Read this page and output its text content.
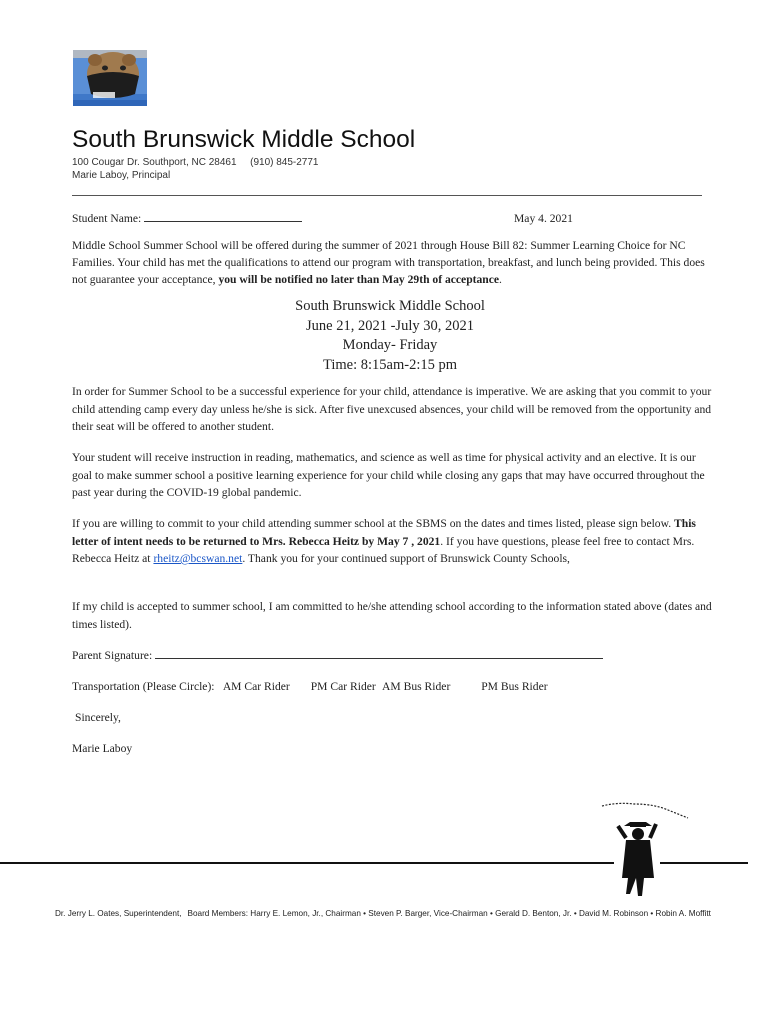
South Brunswick Middle School
100 Cougar Dr. Southport, NC 28461 (910) 845-2771
Marie Laboy, Principal
Student Name:	May 4. 2021
Middle School Summer School will be offered during the summer of 2021 through House Bill 82: Summer Learning Choice for NC Families. Your child has met the qualifications to attend our program with transportation, breakfast, and lunch being provided. This does not guarantee your acceptance, you will be notified no later than May 29th of acceptance.
South Brunswick Middle School
June 21, 2021 -July 30, 2021
Monday- Friday
Time: 8:15am-2:15 pm
In order for Summer School to be a successful experience for your child, attendance is imperative. We are asking that you commit to your child attending camp every day unless he/she is sick. After five unexcused absences, your child will be removed from the opportunity and their seat will be offered to another student.
Your student will receive instruction in reading, mathematics, and science as well as time for physical activity and an elective. It is our goal to make summer school a positive learning experience for your child while closing any gaps that may have occurred throughout the past year during the COVID-19 global pandemic.
If you are willing to commit to your child attending summer school at the SBMS on the dates and times listed, please sign below. This letter of intent needs to be returned to Mrs. Rebecca Heitz by May 7 , 2021. If you have questions, please feel free to contact Mrs. Rebecca Heitz at rheitz@bcswan.net. Thank you for your continued support of Brunswick County Schools,
If my child is accepted to summer school, I am committed to he/she attending school according to the information stated above (dates and times listed).
Parent Signature:
Transportation (Please Circle): AM Car Rider PM Car Rider AM Bus Rider	PM Bus Rider
Sincerely,
Marie Laboy
Dr. Jerry L. Oates, Superintendent, Board Members: Harry E. Lemon, Jr., Chairman • Steven P. Barger, Vice-Chairman • Gerald D. Benton, Jr. • David M. Robinson • Robin A. Moffitt
